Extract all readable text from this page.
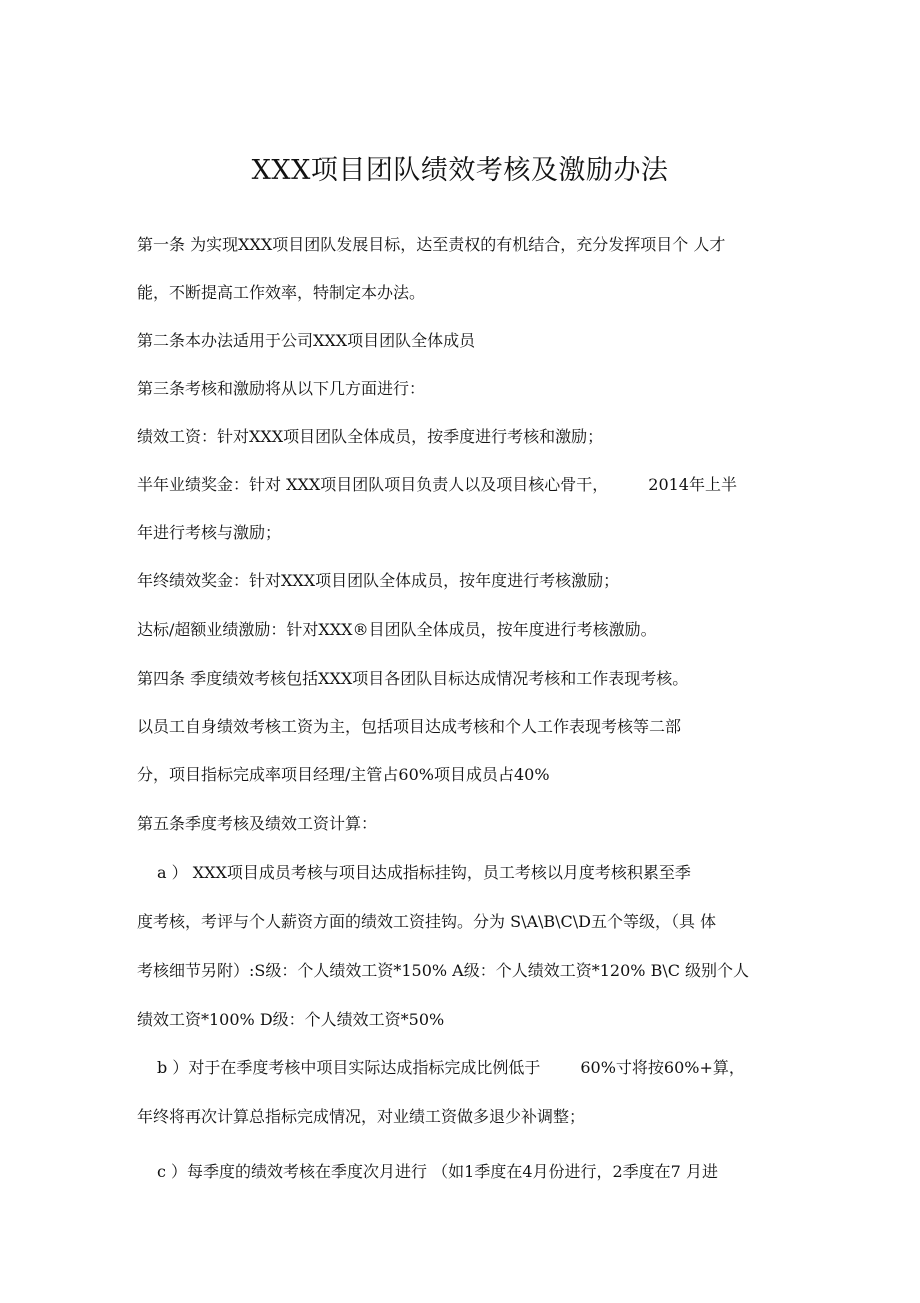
XXX项目团队绩效考核及激励办法
第一条 为实现XXX项目团队发展目标，达至责权的有机结合，充分发挥项目个 人才
能，不断提高工作效率，特制定本办法。
第二条本办法适用于公司XXX项目团队全体成员
第三条考核和激励将从以下几方面进行：
绩效工资：针对XXX项目团队全体成员，按季度进行考核和激励；
半年业绩奖金：针对 XXX项目团队项目负责人以及项目核心骨干，	2014年上半
年进行考核与激励；
年终绩效奖金：针对XXX项目团队全体成员，按年度进行考核激励；
达标/超额业绩激励：针对XXX®目团队全体成员，按年度进行考核激励。
第四条 季度绩效考核包括XXX项目各团队目标达成情况考核和工作表现考核。
以员工自身绩效考核工资为主，包括项目达成考核和个人工作表现考核等二部
分，项目指标完成率项目经理/主管占60%项目成员占40%
第五条季度考核及绩效工资计算：
a ） XXX项目成员考核与项目达成指标挂钩，员工考核以月度考核积累至季
度考核，考评与个人薪资方面的绩效工资挂钩。分为 S\A\B\C\D五个等级，（具 体
考核细节另附）:S级：个人绩效工资*150% A级：个人绩效工资*120% B\C 级别个人
绩效工资*100% D级：个人绩效工资*50%
b ）对于在季度考核中项目实际达成指标完成比例低于	60%寸将按60%+算，
年终将再次计算总指标完成情况，对业绩工资做多退少补调整；
c ）每季度的绩效考核在季度次月进行 （如1季度在4月份进行，2季度在7 月进
